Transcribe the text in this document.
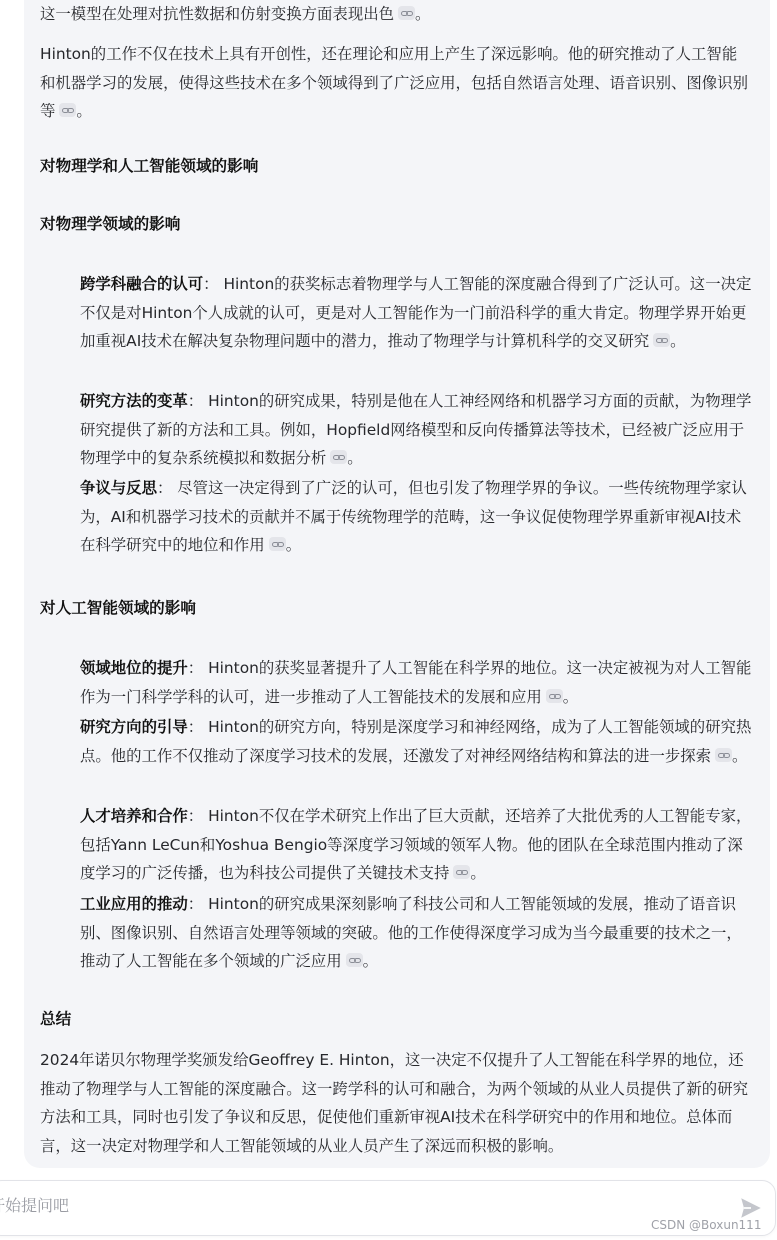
这一模型在处理对抗性数据和仿射变换方面表现出色 。

Hinton的工作不仅在技术上具有开创性，还在理论和应用上产生了深远影响。他的研究推动了人工智能和机器学习的发展，使得这些技术在多个领域得到了广泛应用，包括自然语言处理、语音识别、图像识别等 。

对物理学和人工智能领域的影响
对物理学领域的影响

跨学科融合的认可： Hinton的获奖标志着物理学与人工智能的深度融合得到了广泛认可。这一决定不仅是对Hinton个人成就的认可，更是对人工智能作为一门前沿科学的重大肯定。物理学界开始更加重视AI技术在解决复杂物理问题中的潜力，推动了物理学与计算机科学的交叉研究 。

研究方法的变革： Hinton的研究成果，特别是他在人工神经网络和机器学习方面的贡献，为物理学研究提供了新的方法和工具。例如，Hopfield网络模型和反向传播算法等技术，已经被广泛应用于物理学中的复杂系统模拟和数据分析 。

争议与反思： 尽管这一决定得到了广泛的认可，但也引发了物理学界的争议。一些传统物理学家认为，AI和机器学习技术的贡献并不属于传统物理学的范畴，这一争议促使物理学界重新审视AI技术在科学研究中的地位和作用 。

对人工智能领域的影响

领域地位的提升： Hinton的获奖显著提升了人工智能在科学界的地位。这一决定被视为对人工智能作为一门科学学科的认可，进一步推动了人工智能技术的发展和应用 。

研究方向的引导： Hinton的研究方向，特别是深度学习和神经网络，成为了人工智能领域的研究热点。他的工作不仅推动了深度学习技术的发展，还激发了对神经网络结构和算法的进一步探索 。

人才培养和合作： Hinton不仅在学术研究上作出了巨大贡献，还培养了大批优秀的人工智能专家，包括Yann LeCun和Yoshua Bengio等深度学习领域的领军人物。他的团队在全球范围内推动了深度学习的广泛传播，也为科技公司提供了关键技术支持 。

工业应用的推动： Hinton的研究成果深刻影响了科技公司和人工智能领域的发展，推动了语音识别、图像识别、自然语言处理等领域的突破。他的工作使得深度学习成为当今最重要的技术之一，推动了人工智能在多个领域的广泛应用 。

总结

2024年诺贝尔物理学奖颁发给Geoffrey E. Hinton，这一决定不仅提升了人工智能在科学界的地位，还推动了物理学与人工智能的深度融合。这一跨学科的认可和融合，为两个领域的从业人员提供了新的研究方法和工具，同时也引发了争议和反思，促使他们重新审视AI技术在科学研究中的作用和地位。总体而言，这一决定对物理学和人工智能领域的从业人员产生了深远而积极的影响。

开始提问吧
CSDN @Boxun111
